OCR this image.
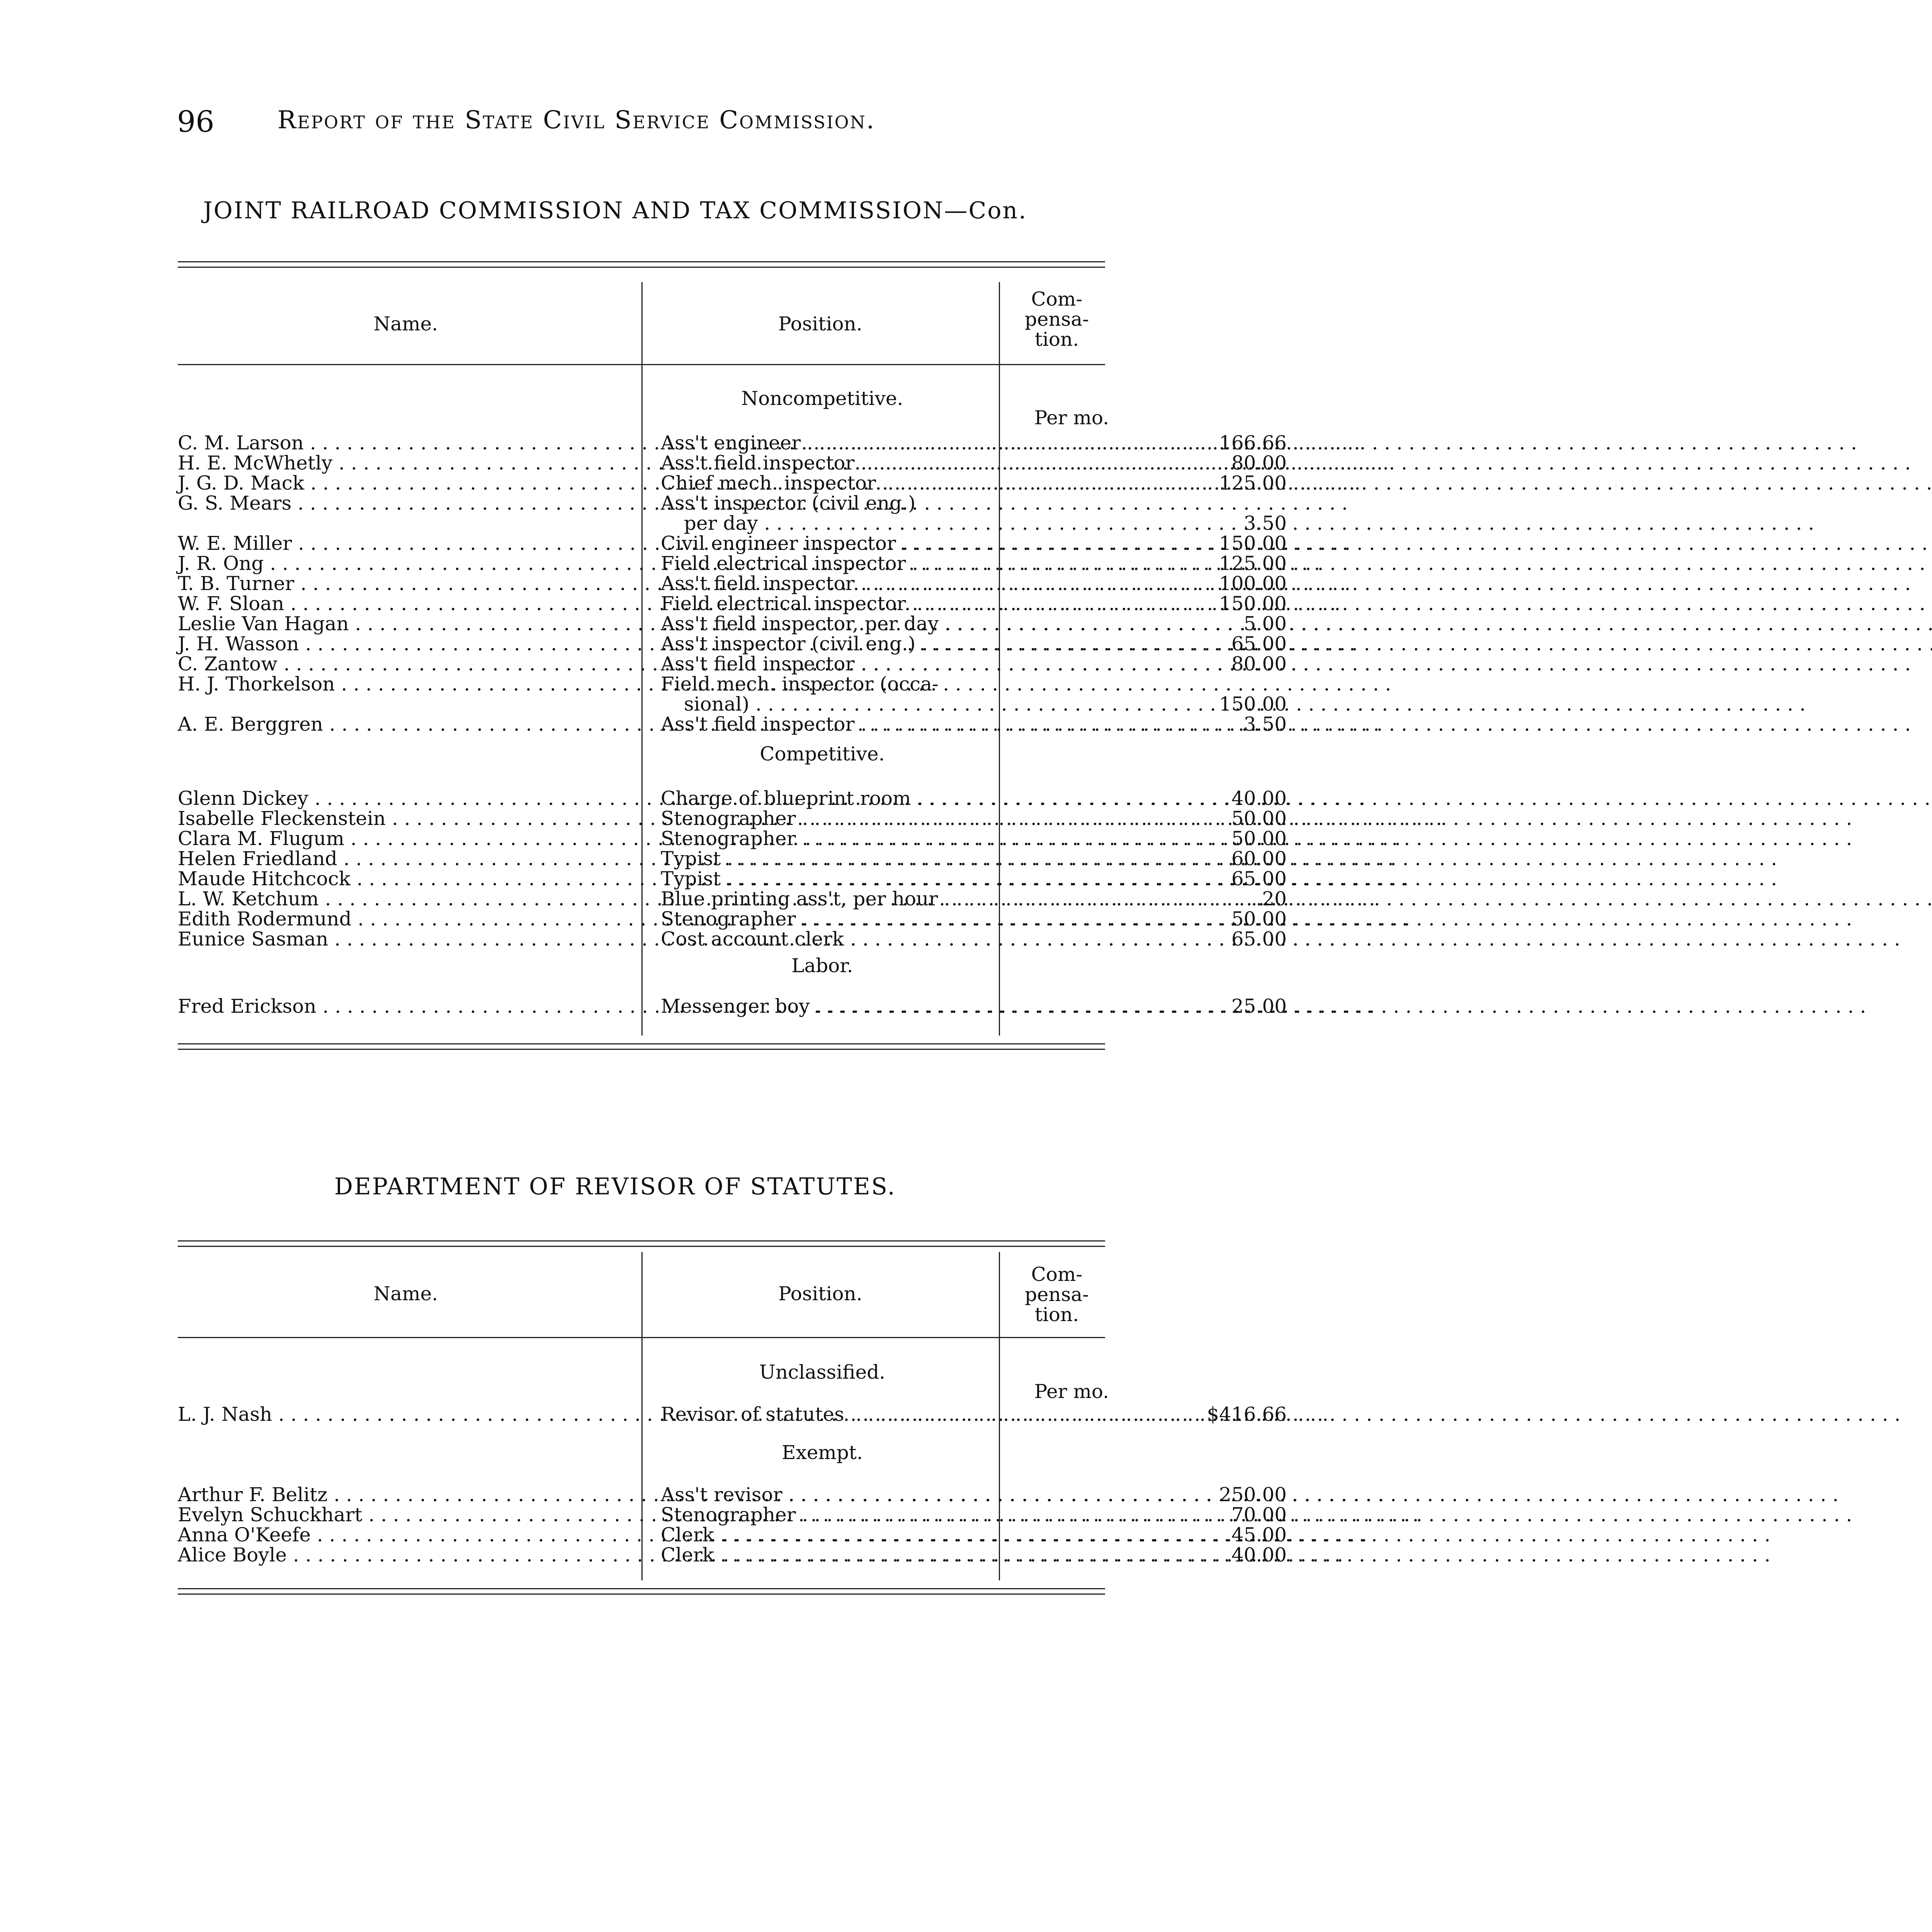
96	Report of the State Civil Service Commission.
JOINT RAILROAD COMMISSION AND TAX COMMISSION—Con.
Name.	Position.
Com-
pensa-
tion.
Per mo.
Noncompetitive.
C. M. Larson . . .	Ass't engineer . . .	166.66
H. E. McWhetly . . .	Ass't field inspector . . .	80.00
J. G. D. Mack . . .	Chief mech. inspector . . .	125.00
G. S. Mears . . .	Ass't inspector (civil eng.)
per day . . .	3.50
W. E. Miller . . .	Civil engineer inspector . . .	150.00
J. R. Ong . . .	Field electrical inspector . . .	125.00
T. B. Turner . . .	Ass't field inspector . . .	100.00
W. F. Sloan . . .	Field electrical inspector . . .	150.00
Leslie Van Hagan . . .	Ass't field inspector, per day . . .	5.00
J. H. Wasson . . .	Ass't inspector (civil eng.) . . .	65.00
C. Zantow . . .	Ass't field inspector . . .	80.00
H. J. Thorkelson . . .	Field mech. inspector (occa-
sional) . . .	150.00
A. E. Berggren . . .	Ass't field inspector . . .	3.50
Competitive.
Glenn Dickey . . .	Charge of blueprint room . . .	40.00
Isabelle Fleckenstein . . .	Stenographer . . .	50.00
Clara M. Flugum . . .	Stenographer . . .	50.00
Helen Friedland . . .	Typist . . .	60.00
Maude Hitchcock . . .	Typist . . .	65.00
L. W. Ketchum . . .	Blue printing ass't, per hour . . .	.20
Edith Rodermund . . .	Stenographer . . .	50.00
Eunice Sasman . . .	Cost account clerk . . .	65.00
Labor.
Fred Erickson . . .	Messenger boy . . .	25.00
DEPARTMENT OF REVISOR OF STATUTES.
Name.	Position.
Com-
pensa-
tion.
Per mo.
Unclassified.
L. J. Nash . . .	Revisor of statutes . . .	$416.66
Exempt.
Arthur F. Belitz . . .	Ass't revisor . . .	250.00
Evelyn Schuckhart . . .	Stenographer . . .	70.00
Anna O'Keefe . . .	Clerk . . .	45.00
Alice Boyle . . .	Clerk . . .	40.00
